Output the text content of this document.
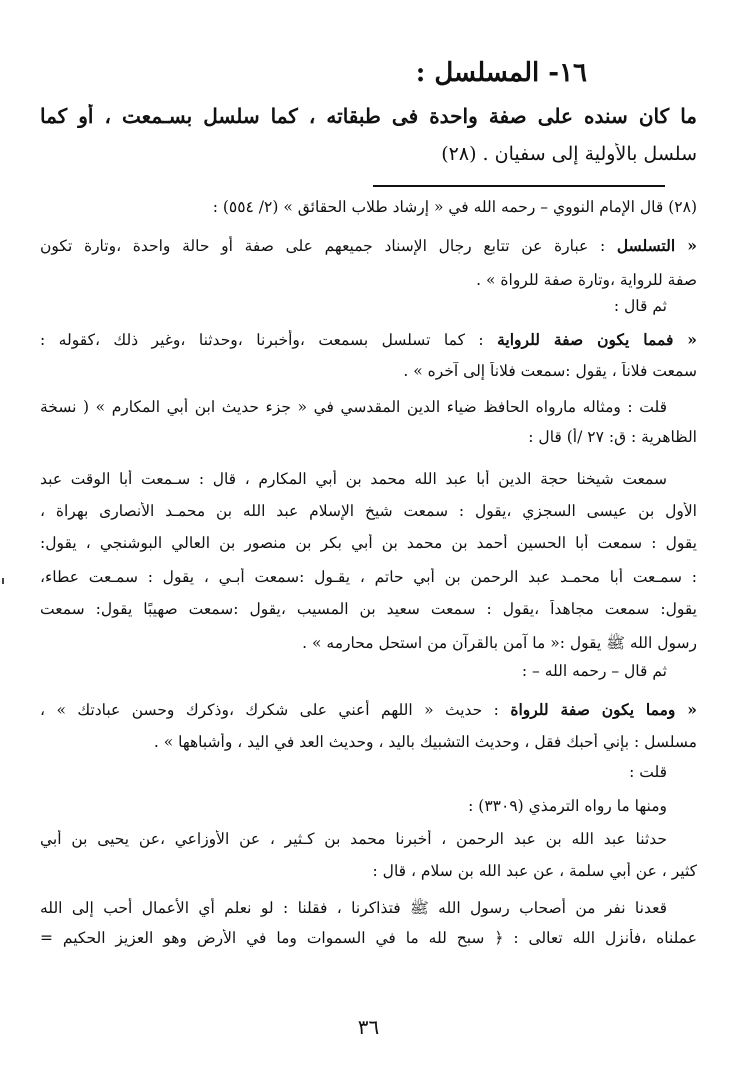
١٦- المسلسل :
ما كان سنده على صفة واحدة فى طبقاته ، كما سلسل بسـمعت ، أو كما
سلسل بالأولية إلى سفيان . (٢٨)
(٢٨) قال الإمام النووي – رحمه الله في « إرشاد طلاب الحقائق » (٢/ ٥٥٤) :
« التسلسل : عبارة عن تتابع رجال الإسناد جميعهم على صفة أو حالة واحدة ،وتارة تكون
صفة للرواية ،وتارة صفة للرواة » .
ثم قال :
« فمما يكون صفة للرواية : كما تسلسل بسمعت ،وأخبرنا ،وحدثنا ،وغير ذلك ،كقوله :
سمعت فلاناً ، يقول :سمعت فلاناً إلى آخره » .
قلت : ومثاله مارواه الحافظ ضياء الدين المقدسي في « جزء حديث ابن أبي المكارم » ( نسخة
الظاهرية : ق: ٢٧ /أ) قال :
سمعت شيخنا حجة الدين أبا عبد الله محمد بن أبي المكارم ، قال : سـمعت أبا الوقت عبد
الأول بن عيسى السجزي ،يقول : سمعت شيخ الإسلام عبد الله بن محمـد الأنصارى بهراة ،
يقول : سمعت أبا الحسين أحمد بن محمد بن أبي بكر بن منصور بن العالي البوشنجي ، يقول:
: سمـعت أبا محمـد عبد الرحمن بن أبي حاتم ، يقـول :سمعت أبـي ، يقول : سمـعت عطاء،
يقول: سمعت مجاهداً ،يقول : سمعت سعيد بن المسيب ،يقول :سمعت صهيبًا يقول: سمعت
رسول الله ﷺ يقول :« ما آمن بالقرآن من استحل محارمه » .
ثم قال – رحمه الله – :
« ومما يكون صفة للرواة : حديث « اللهم أعني على شكرك ،وذكرك وحسن عبادتك » ،
مسلسل : بإني أحبك فقل ، وحديث التشبيك باليد ، وحديث العد في اليد ، وأشباهها » .
قلت :
ومنها ما رواه الترمذي (٣٣٠٩) :
حدثنا عبد الله بن عبد الرحمن ، أخبرنا محمد بن كـثير ، عن الأوزاعي ،عن يحيى بن أبي
كثير ، عن أبي سلمة ، عن عبد الله بن سلام ، قال :
قعدنا نفر من أصحاب رسول الله ﷺ فتذاكرنا ، فقلنا : لو نعلم أي الأعمال أحب إلى الله
عملناه ،فأنزل الله تعالى : ﴿ سبح لله ما في السموات وما في الأرض وهو العزيز الحكيم =
٣٦
